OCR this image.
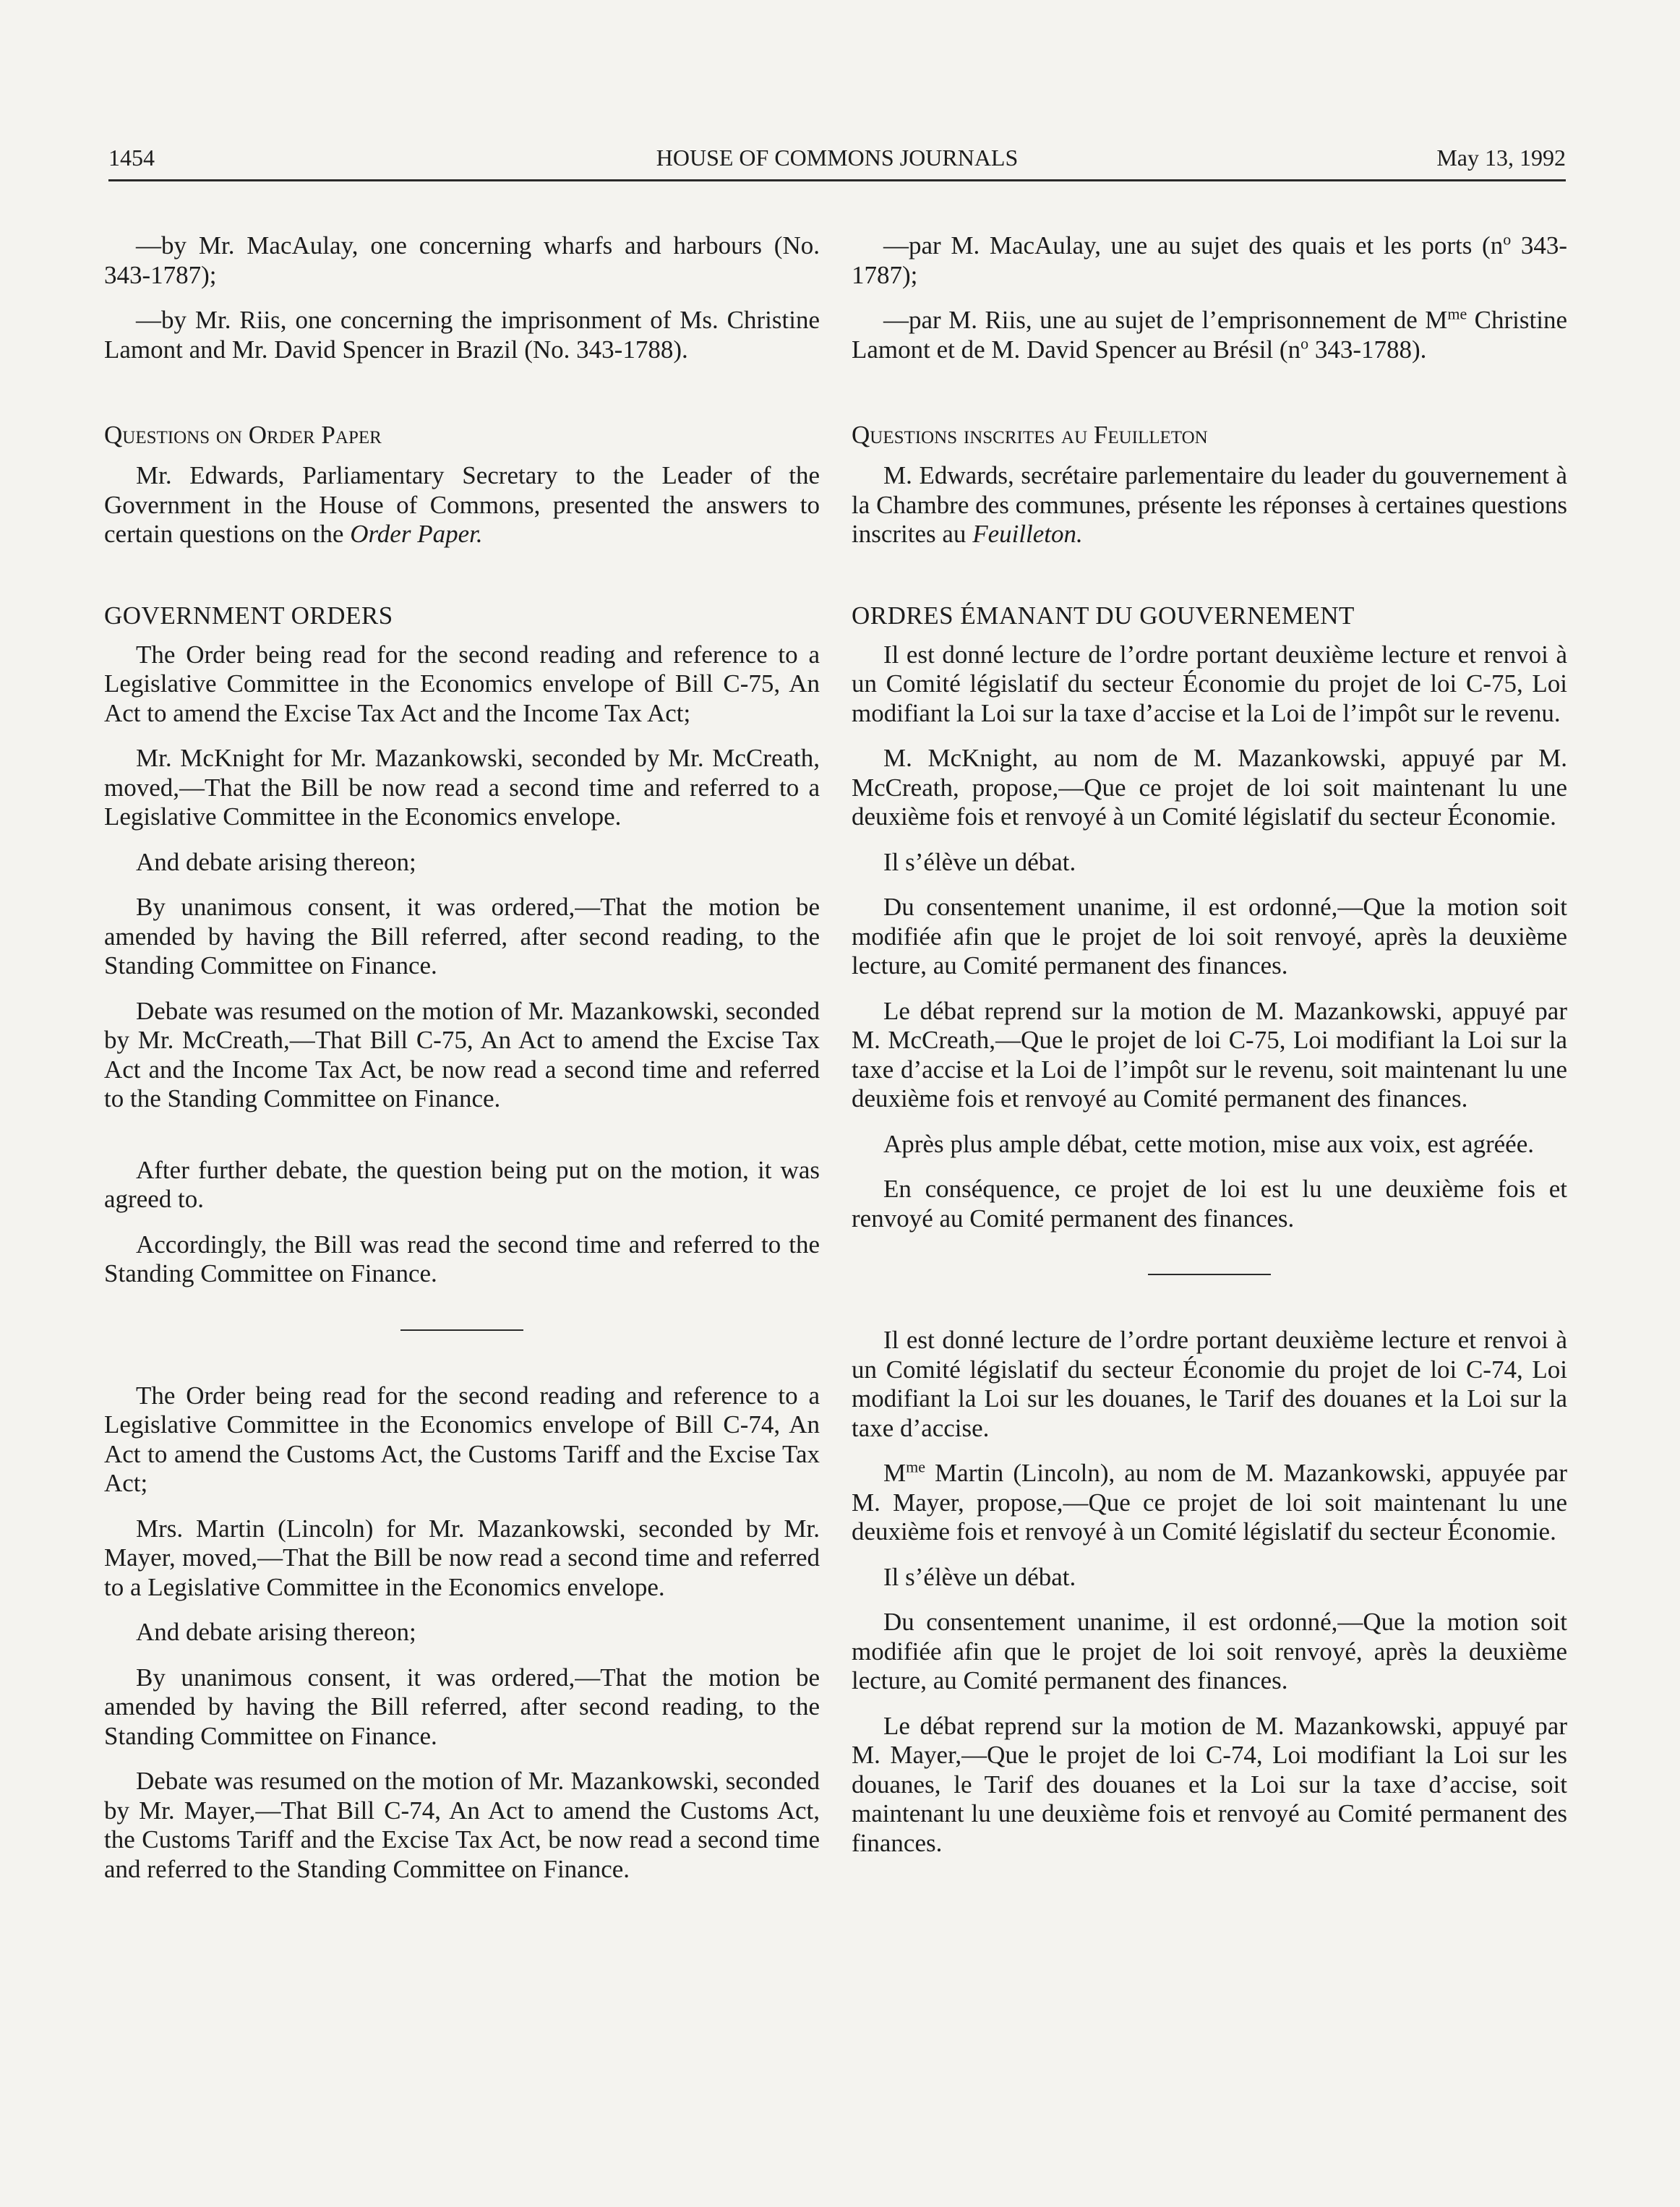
1454	HOUSE OF COMMONS JOURNALS	May 13, 1992

—by Mr. MacAulay, one concerning wharfs and harbours (No. 343-1787);

—by Mr. Riis, one concerning the imprisonment of Ms. Christine Lamont and Mr. David Spencer in Brazil (No. 343-1788).

Questions on Order Paper

Mr. Edwards, Parliamentary Secretary to the Leader of the Government in the House of Commons, presented the answers to certain questions on the Order Paper.

GOVERNMENT ORDERS

The Order being read for the second reading and reference to a Legislative Committee in the Economics envelope of Bill C-75, An Act to amend the Excise Tax Act and the Income Tax Act;

Mr. McKnight for Mr. Mazankowski, seconded by Mr. McCreath, moved,—That the Bill be now read a second time and referred to a Legislative Committee in the Economics envelope.

And debate arising thereon;

By unanimous consent, it was ordered,—That the motion be amended by having the Bill referred, after second reading, to the Standing Committee on Finance.

Debate was resumed on the motion of Mr. Mazankowski, seconded by Mr. McCreath,—That Bill C-75, An Act to amend the Excise Tax Act and the Income Tax Act, be now read a second time and referred to the Standing Committee on Finance.

After further debate, the question being put on the motion, it was agreed to.

Accordingly, the Bill was read the second time and referred to the Standing Committee on Finance.

The Order being read for the second reading and reference to a Legislative Committee in the Economics envelope of Bill C-74, An Act to amend the Customs Act, the Customs Tariff and the Excise Tax Act;

Mrs. Martin (Lincoln) for Mr. Mazankowski, seconded by Mr. Mayer, moved,—That the Bill be now read a second time and referred to a Legislative Committee in the Economics envelope.

And debate arising thereon;

By unanimous consent, it was ordered,—That the motion be amended by having the Bill referred, after second reading, to the Standing Committee on Finance.

Debate was resumed on the motion of Mr. Mazankowski, seconded by Mr. Mayer,—That Bill C-74, An Act to amend the Customs Act, the Customs Tariff and the Excise Tax Act, be now read a second time and referred to the Standing Committee on Finance.

—par M. MacAulay, une au sujet des quais et les ports ($n^o$ 343-1787);

—par M. Riis, une au sujet de l’emprisonnement de $M^{me}$ Christine Lamont et de M. David Spencer au Brésil ($n^o$ 343-1788).

Questions inscrites au Feuilleton

M. Edwards, secrétaire parlementaire du leader du gouvernement à la Chambre des communes, présente les réponses à certaines questions inscrites au Feuilleton.

ORDRES ÉMANANT DU GOUVERNEMENT

Il est donné lecture de l’ordre portant deuxième lecture et renvoi à un Comité législatif du secteur Économie du projet de loi C-75, Loi modifiant la Loi sur la taxe d’accise et la Loi de l’impôt sur le revenu.

M. McKnight, au nom de M. Mazankowski, appuyé par M. McCreath, propose,—Que ce projet de loi soit maintenant lu une deuxième fois et renvoyé à un Comité législatif du secteur Économie.

Il s’élève un débat.

Du consentement unanime, il est ordonné,—Que la motion soit modifiée afin que le projet de loi soit renvoyé, après la deuxième lecture, au Comité permanent des finances.

Le débat reprend sur la motion de M. Mazankowski, appuyé par M. McCreath,—Que le projet de loi C-75, Loi modifiant la Loi sur la taxe d’accise et la Loi de l’impôt sur le revenu, soit maintenant lu une deuxième fois et renvoyé au Comité permanent des finances.

Après plus ample débat, cette motion, mise aux voix, est agréée.

En conséquence, ce projet de loi est lu une deuxième fois et renvoyé au Comité permanent des finances.

Il est donné lecture de l’ordre portant deuxième lecture et renvoi à un Comité législatif du secteur Économie du projet de loi C-74, Loi modifiant la Loi sur les douanes, le Tarif des douanes et la Loi sur la taxe d’accise.

$M^{me}$ Martin (Lincoln), au nom de M. Mazankowski, appuyée par M. Mayer, propose,—Que ce projet de loi soit maintenant lu une deuxième fois et renvoyé à un Comité législatif du secteur Économie.

Il s’élève un débat.

Du consentement unanime, il est ordonné,—Que la motion soit modifiée afin que le projet de loi soit renvoyé, après la deuxième lecture, au Comité permanent des finances.

Le débat reprend sur la motion de M. Mazankowski, appuyé par M. Mayer,—Que le projet de loi C-74, Loi modifiant la Loi sur les douanes, le Tarif des douanes et la Loi sur la taxe d’accise, soit maintenant lu une deuxième fois et renvoyé au Comité permanent des finances.
